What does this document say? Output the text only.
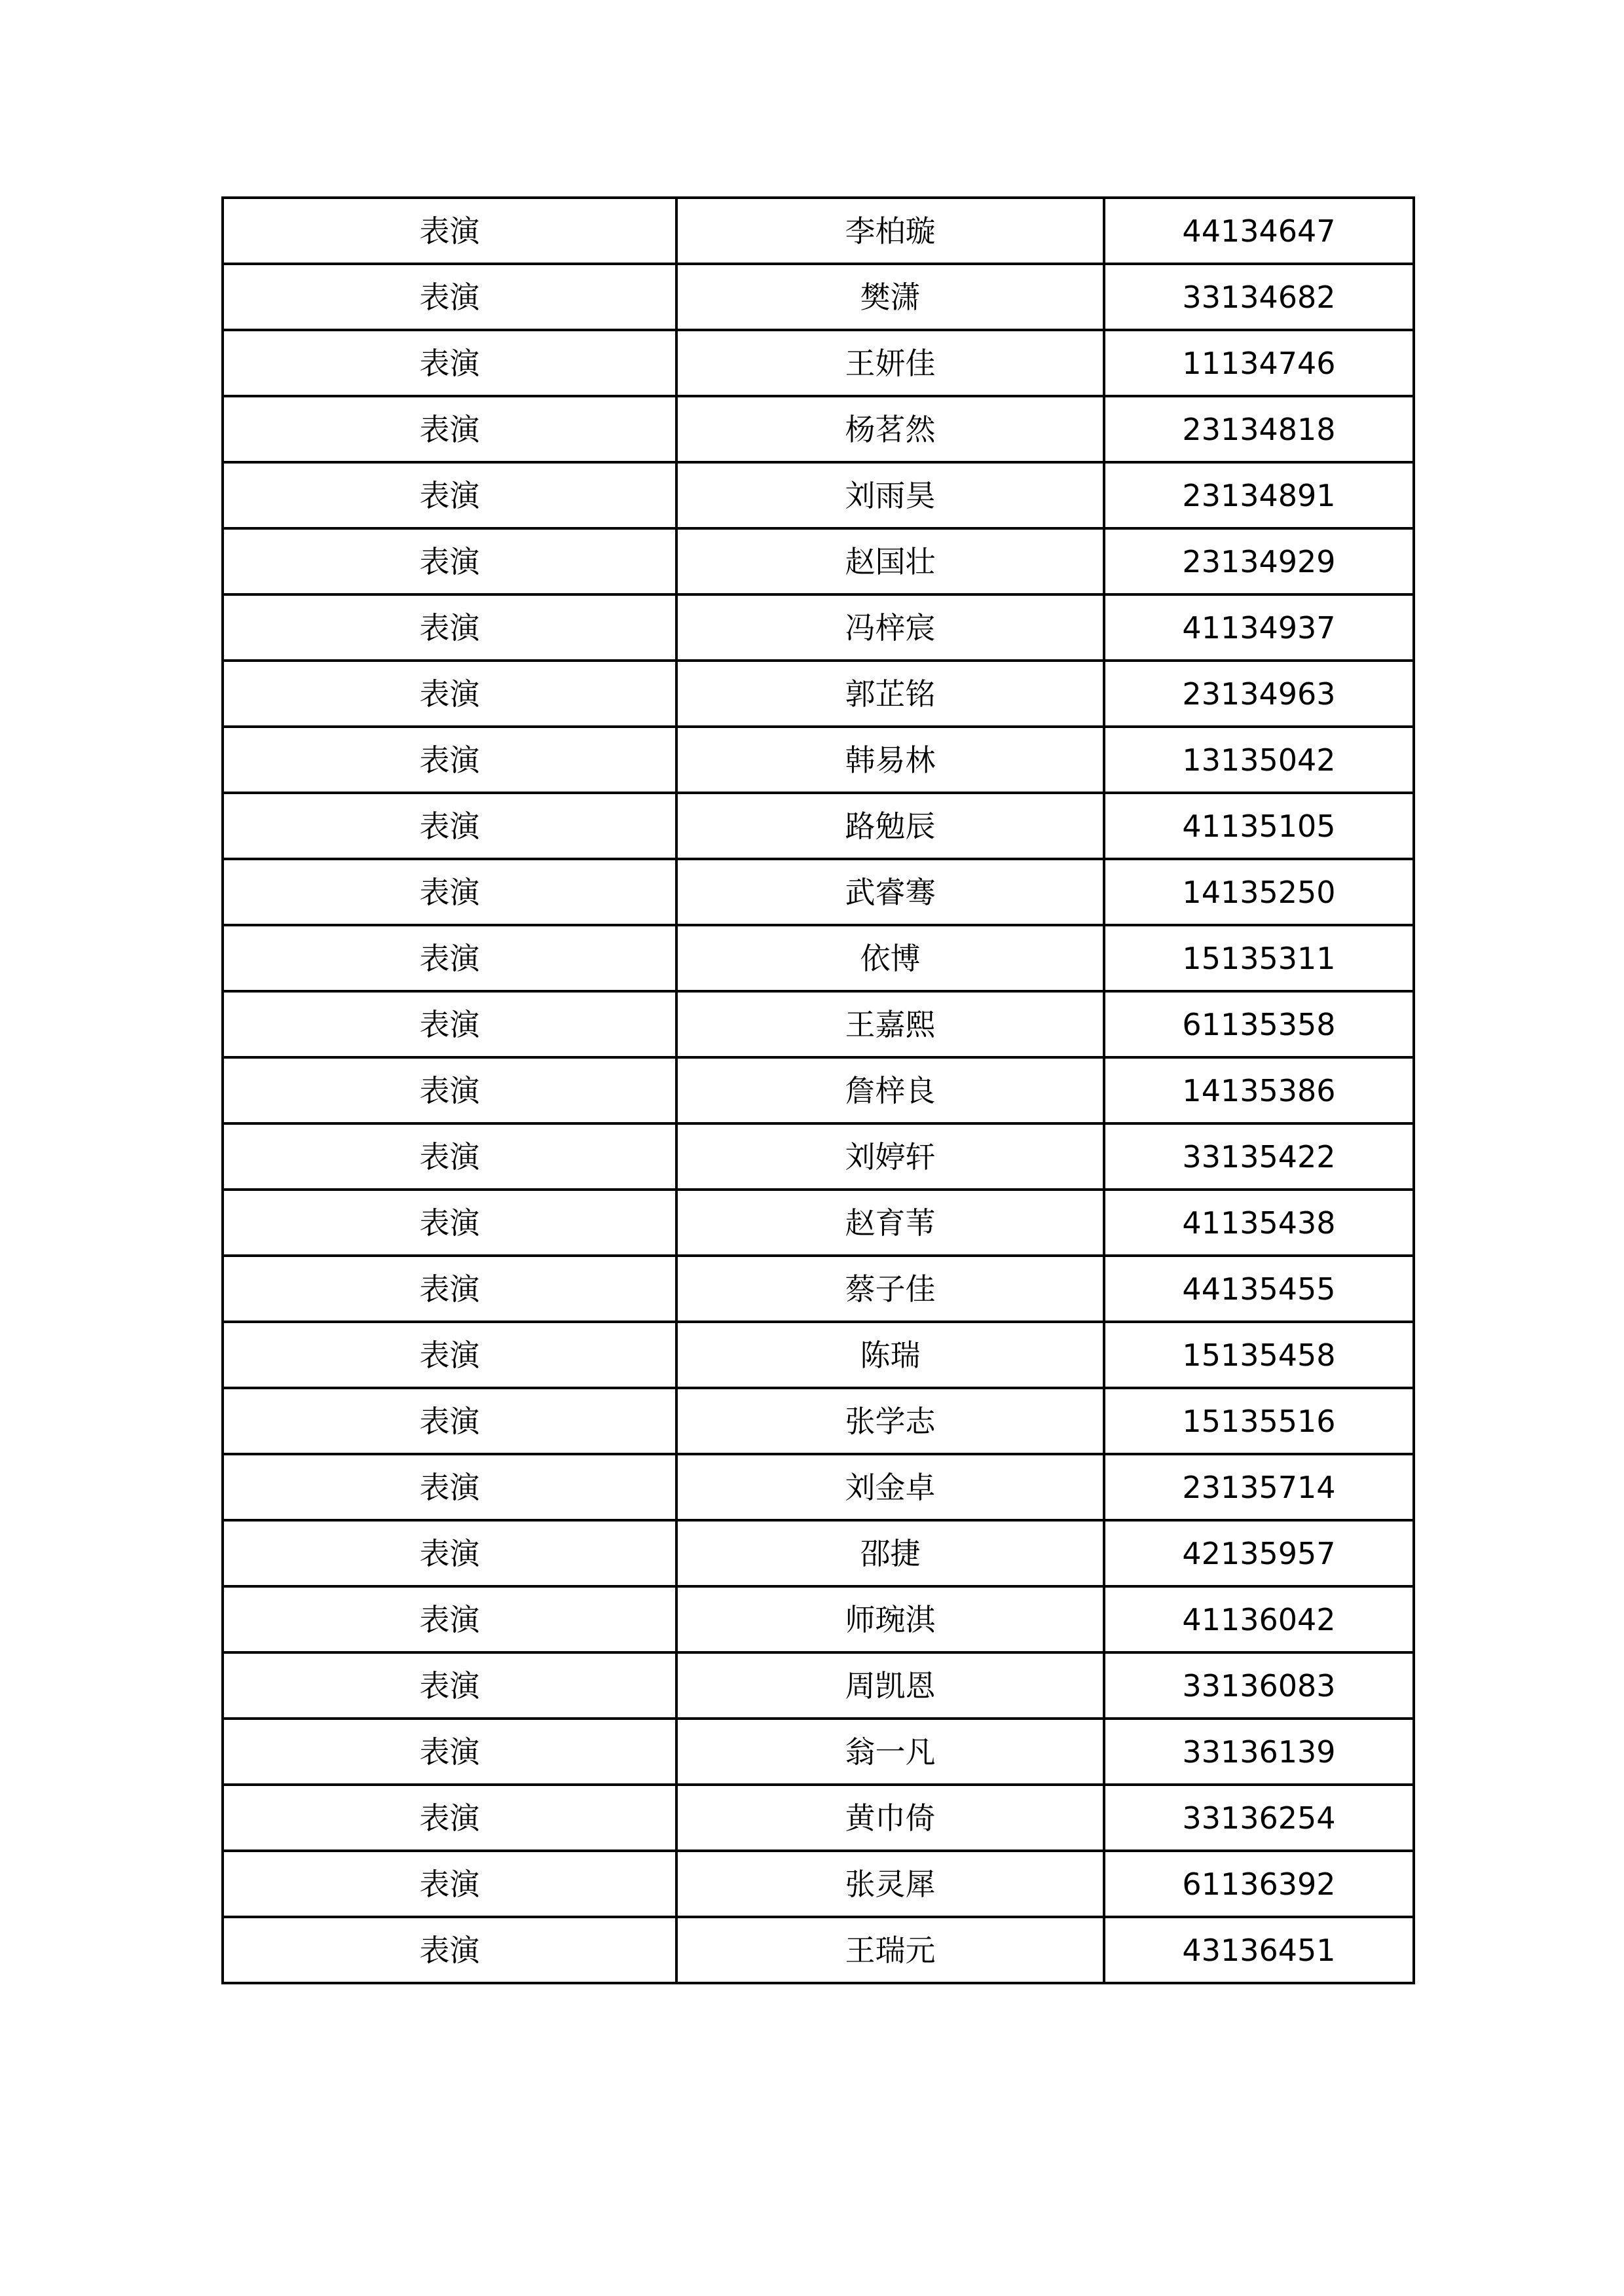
表演	李柏璇	44134647
表演	樊潇	33134682
表演	王妍佳	11134746
表演	杨茗然	23134818
表演	刘雨昊	23134891
表演	赵国壮	23134929
表演	冯梓宸	41134937
表演	郭芷铭	23134963
表演	韩易林	13135042
表演	路勉辰	41135105
表演	武睿骞	14135250
表演	依博	15135311
表演	王嘉熙	61135358
表演	詹梓良	14135386
表演	刘婷轩	33135422
表演	赵育苇	41135438
表演	蔡子佳	44135455
表演	陈瑞	15135458
表演	张学志	15135516
表演	刘金卓	23135714
表演	邵捷	42135957
表演	师琬淇	41136042
表演	周凯恩	33136083
表演	翁一凡	33136139
表演	黄巾倚	33136254
表演	张灵犀	61136392
表演	王瑞元	43136451
